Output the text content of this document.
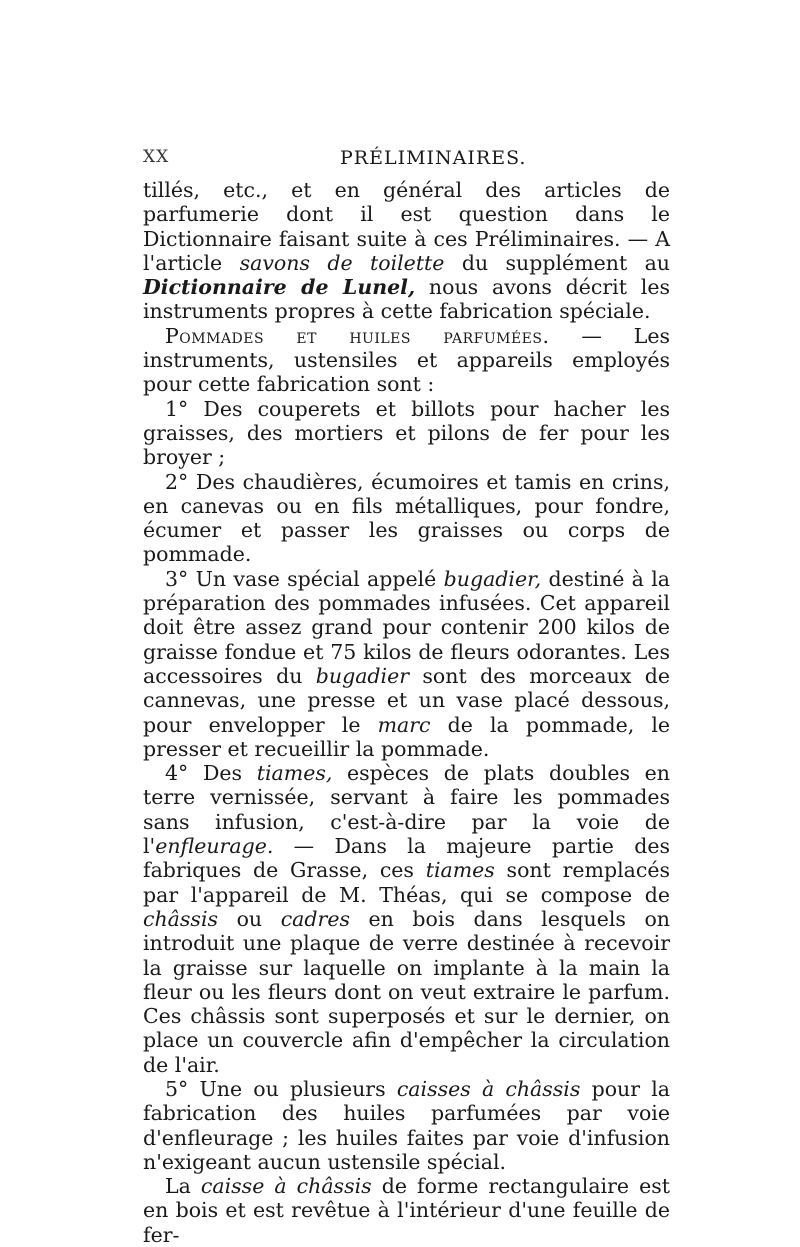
XX	PRÉLIMINAIRES.

tillés, etc., et en général des articles de parfumerie dont il est question dans le Dictionnaire faisant suite à ces Préliminaires. — A l'article savons de toilette du supplément au Dictionnaire de Lunel, nous avons décrit les instruments propres à cette fabrication spéciale.

Pommades et huiles parfumées. — Les instruments, ustensiles et appareils employés pour cette fabrication sont :

1° Des couperets et billots pour hacher les graisses, des mortiers et pilons de fer pour les broyer ;

2° Des chaudières, écumoires et tamis en crins, en canevas ou en fils métalliques, pour fondre, écumer et passer les graisses ou corps de pommade.

3° Un vase spécial appelé bugadier, destiné à la préparation des pommades infusées. Cet appareil doit être assez grand pour contenir 200 kilos de graisse fondue et 75 kilos de fleurs odorantes. Les accessoires du bugadier sont des morceaux de cannevas, une presse et un vase placé dessous, pour envelopper le marc de la pommade, le presser et recueillir la pommade.

4° Des tiames, espèces de plats doubles en terre vernissée, servant à faire les pommades sans infusion, c'est-à-dire par la voie de l'enfleurage. — Dans la majeure partie des fabriques de Grasse, ces tiames sont remplacés par l'appareil de M. Théas, qui se compose de châssis ou cadres en bois dans lesquels on introduit une plaque de verre destinée à recevoir la graisse sur laquelle on implante à la main la fleur ou les fleurs dont on veut extraire le parfum. Ces châssis sont superposés et sur le dernier, on place un couvercle afin d'empêcher la circulation de l'air.

5° Une ou plusieurs caisses à châssis pour la fabrication des huiles parfumées par voie d'enfleurage ; les huiles faites par voie d'infusion n'exigeant aucun ustensile spécial.

La caisse à châssis de forme rectangulaire est en bois et est revêtue à l'intérieur d'une feuille de fer-
